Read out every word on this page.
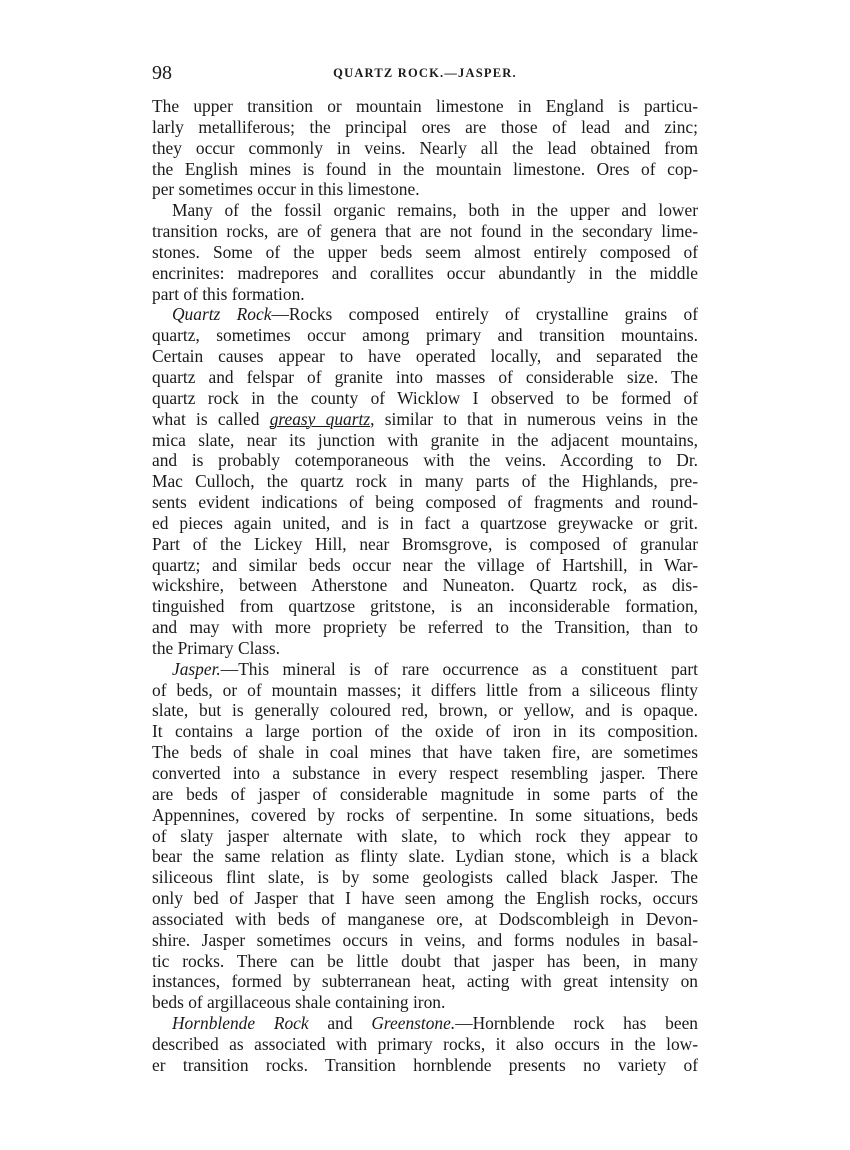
98	QUARTZ ROCK.—JASPER.
The upper transition or mountain limestone in England is particu-
larly metalliferous; the principal ores are those of lead and zinc;
they occur commonly in veins. Nearly all the lead obtained from
the English mines is found in the mountain limestone. Ores of cop-
per sometimes occur in this limestone.
Many of the fossil organic remains, both in the upper and lower
transition rocks, are of genera that are not found in the secondary lime-
stones. Some of the upper beds seem almost entirely composed of
encrinites: madrepores and corallites occur abundantly in the middle
part of this formation.
Quartz Rock—Rocks composed entirely of crystalline grains of
quartz, sometimes occur among primary and transition mountains.
Certain causes appear to have operated locally, and separated the
quartz and felspar of granite into masses of considerable size. The
quartz rock in the county of Wicklow I observed to be formed of
what is called greasy quartz, similar to that in numerous veins in the
mica slate, near its junction with granite in the adjacent mountains,
and is probably cotemporaneous with the veins. According to Dr.
Mac Culloch, the quartz rock in many parts of the Highlands, pre-
sents evident indications of being composed of fragments and round-
ed pieces again united, and is in fact a quartzose greywacke or grit.
Part of the Lickey Hill, near Bromsgrove, is composed of granular
quartz; and similar beds occur near the village of Hartshill, in War-
wickshire, between Atherstone and Nuneaton. Quartz rock, as dis-
tinguished from quartzose gritstone, is an inconsiderable formation,
and may with more propriety be referred to the Transition, than to
the Primary Class.
Jasper.—This mineral is of rare occurrence as a constituent part
of beds, or of mountain masses; it differs little from a siliceous flinty
slate, but is generally coloured red, brown, or yellow, and is opaque.
It contains a large portion of the oxide of iron in its composition.
The beds of shale in coal mines that have taken fire, are sometimes
converted into a substance in every respect resembling jasper. There
are beds of jasper of considerable magnitude in some parts of the
Appennines, covered by rocks of serpentine. In some situations, beds
of slaty jasper alternate with slate, to which rock they appear to
bear the same relation as flinty slate. Lydian stone, which is a black
siliceous flint slate, is by some geologists called black Jasper. The
only bed of Jasper that I have seen among the English rocks, occurs
associated with beds of manganese ore, at Dodscombleigh in Devon-
shire. Jasper sometimes occurs in veins, and forms nodules in basal-
tic rocks. There can be little doubt that jasper has been, in many
instances, formed by subterranean heat, acting with great intensity on
beds of argillaceous shale containing iron.
Hornblende Rock and Greenstone.—Hornblende rock has been
described as associated with primary rocks, it also occurs in the low-
er transition rocks. Transition hornblende presents no variety of
